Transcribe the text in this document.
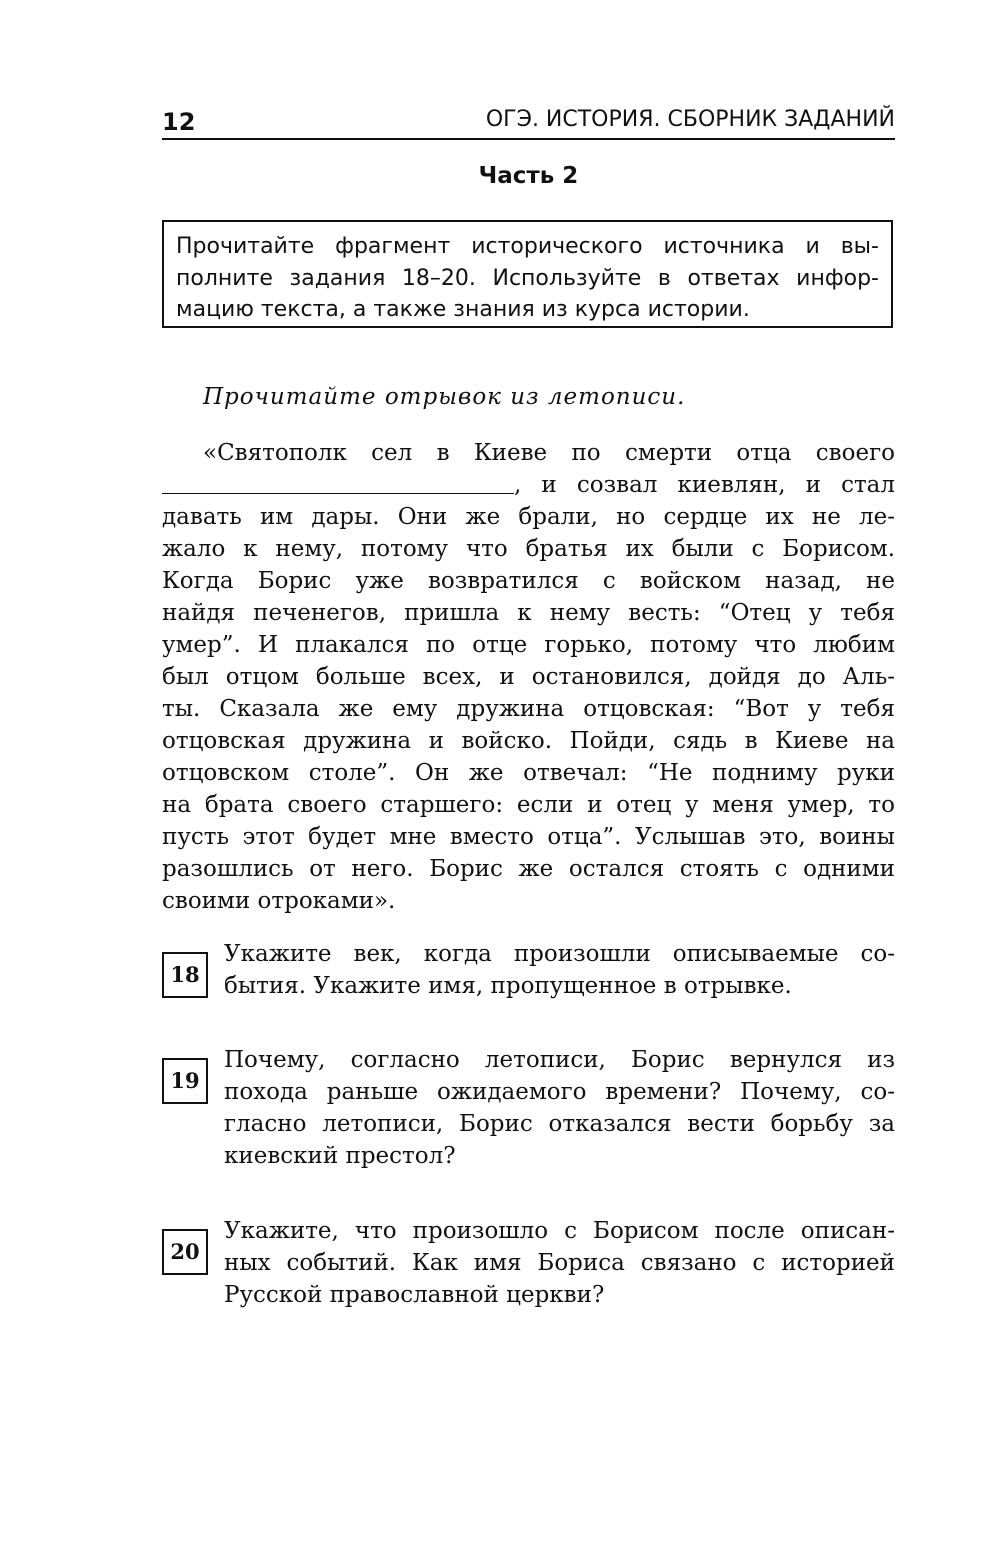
12	ОГЭ. ИСТОРИЯ. СБОРНИК ЗАДАНИЙ
Часть 2
Прочитайте фрагмент исторического источника и вы-
полните задания 18–20. Используйте в ответах инфор-
мацию текста, а также знания из курса истории.
Прочитайте отрывок из летописи.
«Святополк сел в Киеве по смерти отца своего
, и созвал киевлян, и стал
давать им дары. Они же брали, но сердце их не ле-
жало к нему, потому что братья их были с Борисом.
Когда Борис уже возвратился с войском назад, не
найдя печенегов, пришла к нему весть: “Отец у тебя
умер”. И плакался по отце горько, потому что любим
был отцом больше всех, и остановился, дойдя до Аль-
ты. Сказала же ему дружина отцовская: “Вот у тебя
отцовская дружина и войско. Пойди, сядь в Киеве на
отцовском столе”. Он же отвечал: “Не подниму руки
на брата своего старшего: если и отец у меня умер, то
пусть этот будет мне вместо отца”. Услышав это, воины
разошлись от него. Борис же остался стоять с одними
своими отроками».
18
Укажите век, когда произошли описываемые со-
бытия. Укажите имя, пропущенное в отрывке.
19
Почему, согласно летописи, Борис вернулся из
похода раньше ожидаемого времени? Почему, со-
гласно летописи, Борис отказался вести борьбу за
киевский престол?
20
Укажите, что произошло с Борисом после описан-
ных событий. Как имя Бориса связано с историей
Русской православной церкви?
